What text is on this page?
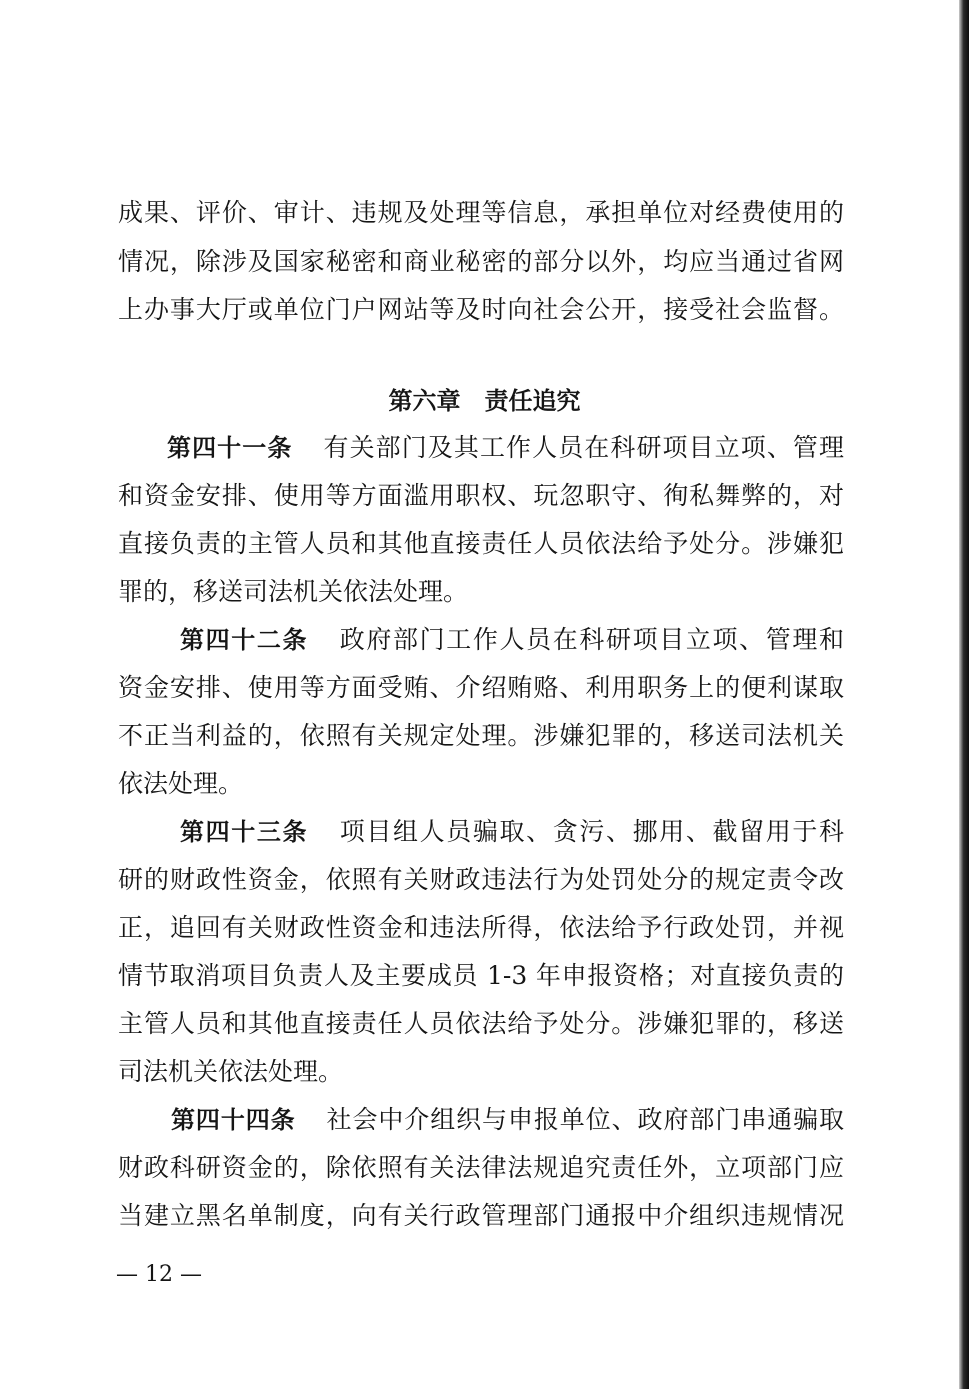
成果、评价、审计、违规及处理等信息，承担单位对经费使用的
情况，除涉及国家秘密和商业秘密的部分以外，均应当通过省网
上办事大厅或单位门户网站等及时向社会公开，接受社会监督。
第六章　责任追究
第四十一条 有关部门及其工作人员在科研项目立项、管理
和资金安排、使用等方面滥用职权、玩忽职守、徇私舞弊的，对
直接负责的主管人员和其他直接责任人员依法给予处分。涉嫌犯
罪的，移送司法机关依法处理。
第四十二条 政府部门工作人员在科研项目立项、管理和
资金安排、使用等方面受贿、介绍贿赂、利用职务上的便利谋取
不正当利益的，依照有关规定处理。涉嫌犯罪的，移送司法机关
依法处理。
第四十三条 项目组人员骗取、贪污、挪用、截留用于科
研的财政性资金，依照有关财政违法行为处罚处分的规定责令改
正，追回有关财政性资金和违法所得，依法给予行政处罚，并视
情节取消项目负责人及主要成员 1-3 年申报资格；对直接负责的
主管人员和其他直接责任人员依法给予处分。涉嫌犯罪的，移送
司法机关依法处理。
第四十四条 社会中介组织与申报单位、政府部门串通骗取
财政科研资金的，除依照有关法律法规追究责任外，立项部门应
当建立黑名单制度，向有关行政管理部门通报中介组织违规情况
— 12 —
